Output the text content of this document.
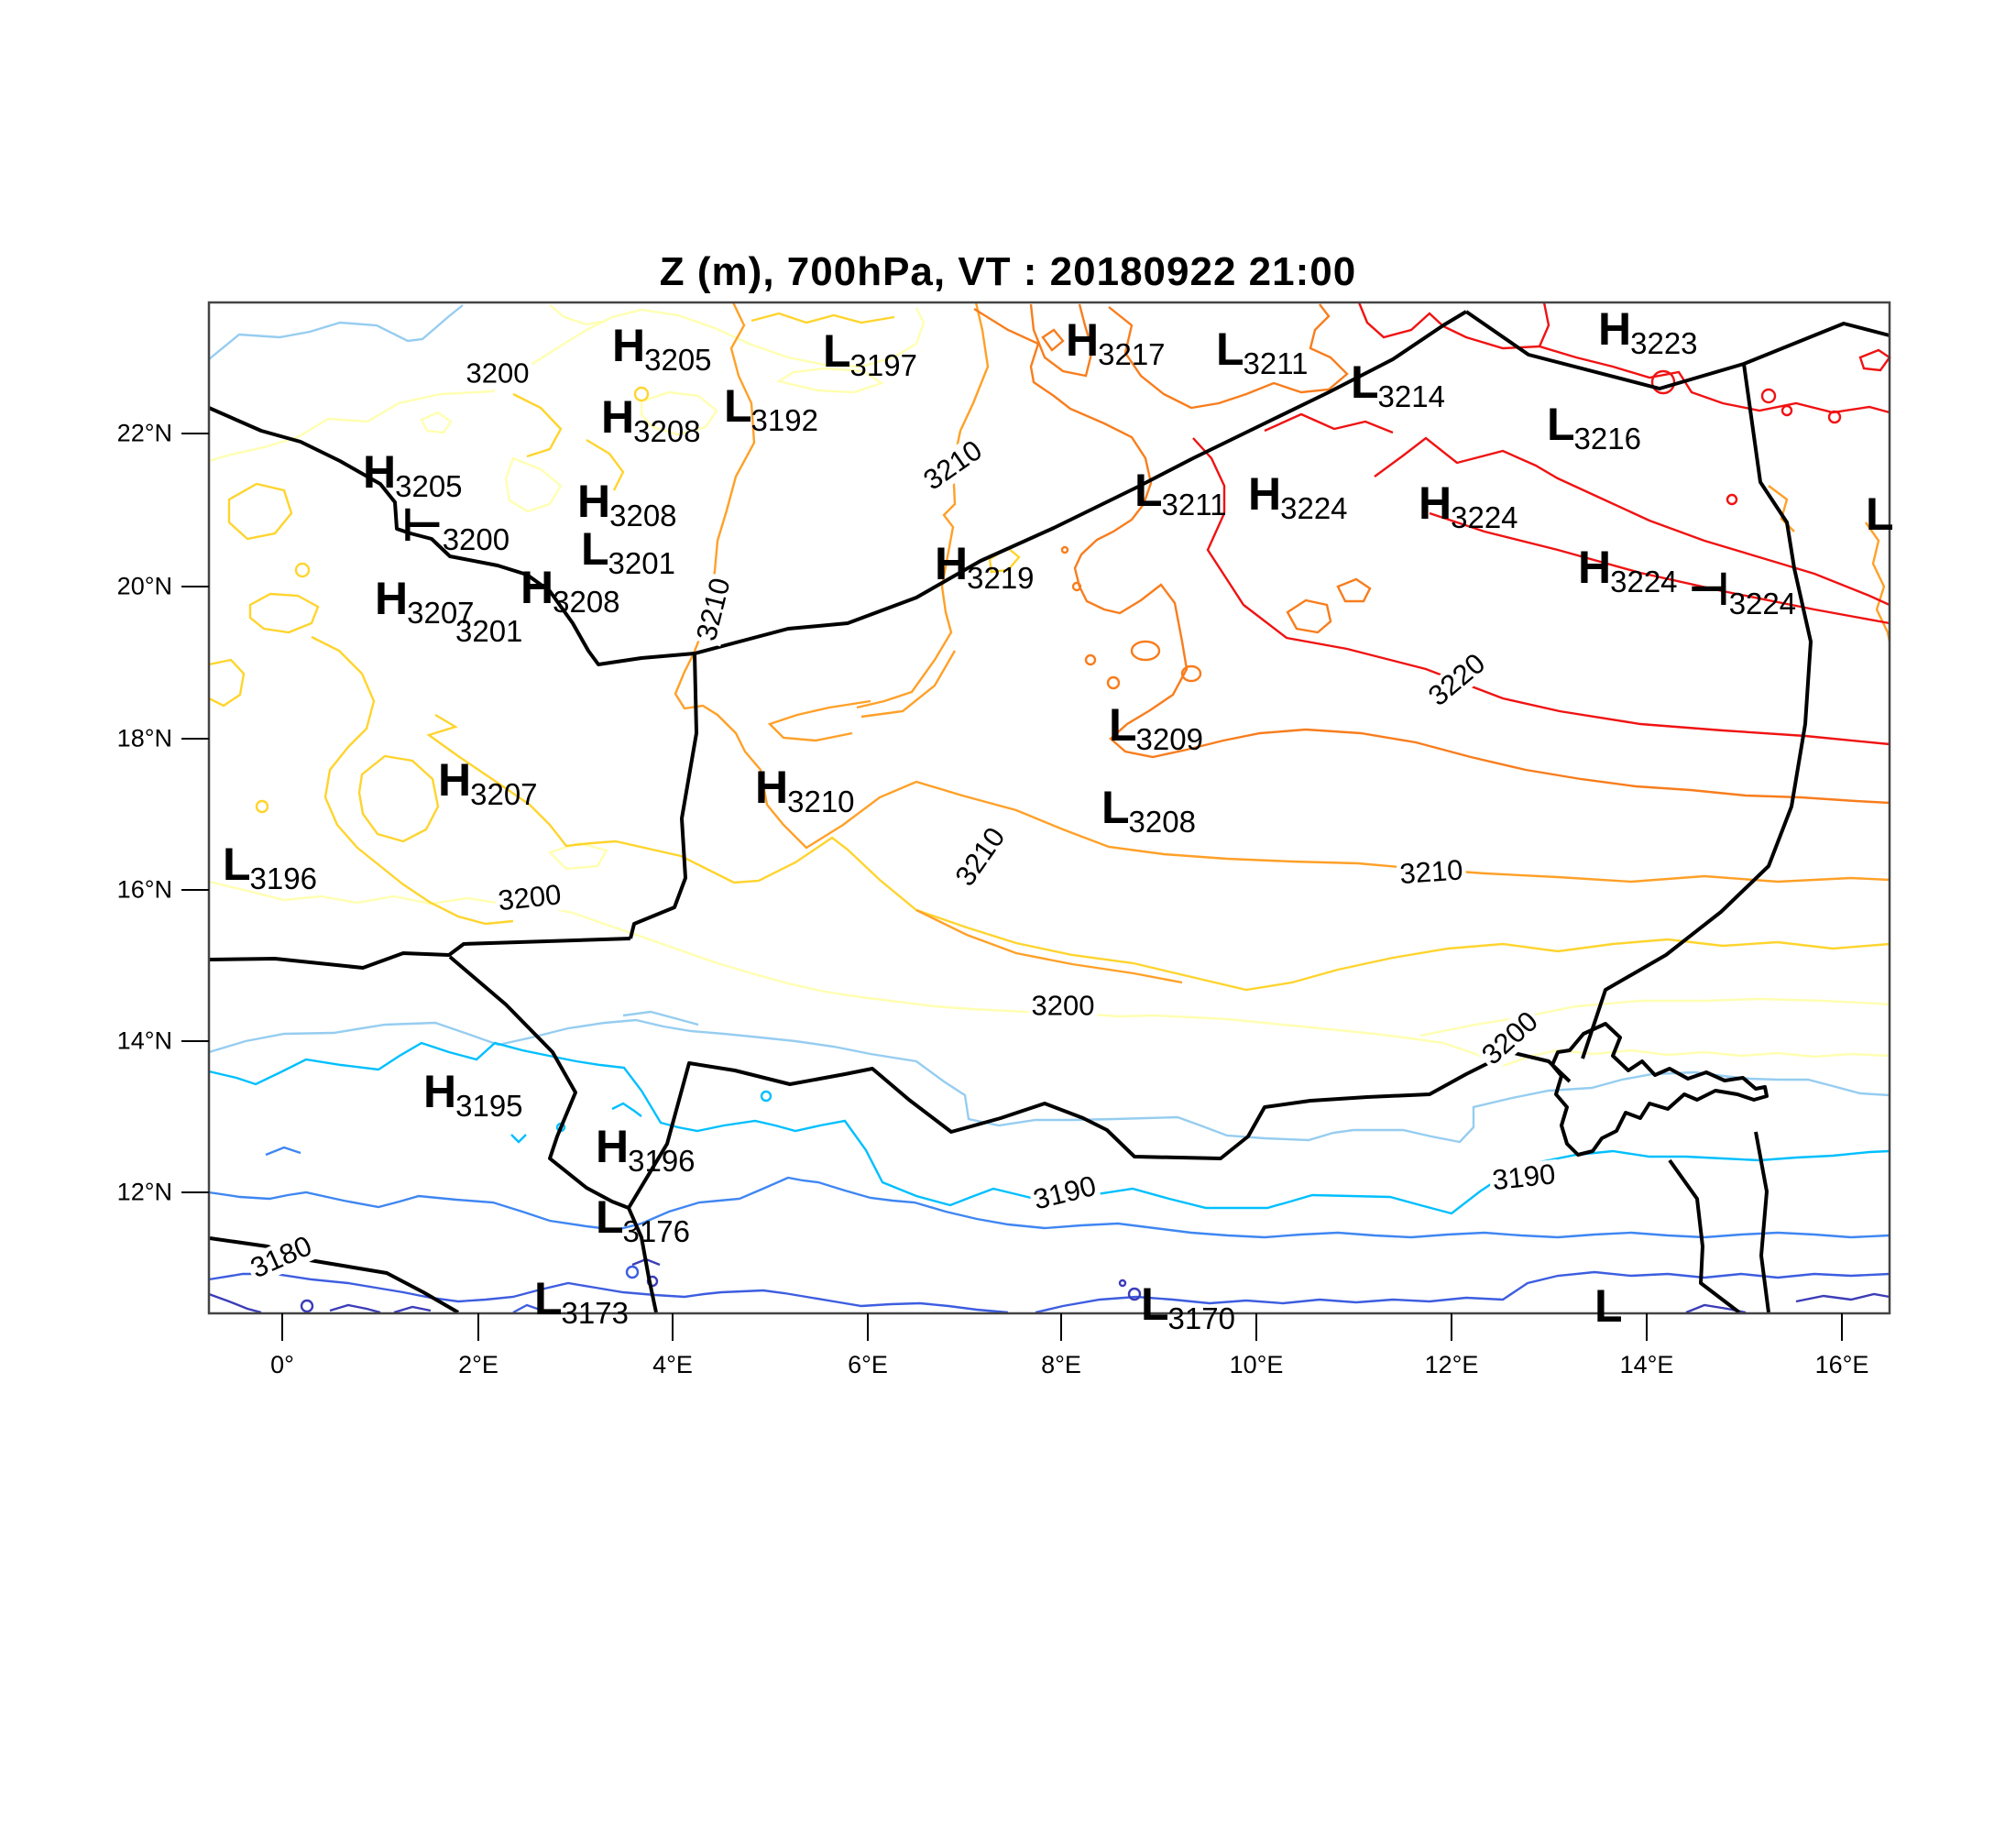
Z (m), 700hPa, VT : 20180922 21:00
0°	2°E	4°E	6°E	8°E	10°E	12°E	14°E	16°E
22°N
20°N
18°N
16°N
14°N
12°N
H3205 L3197	H3217 L3211 L3214
H3223
H3208 L3192	L3216
H3205	H3208	L3211 H3224 H3224
L3201
⊢3200
H3208
H3219	H3224 ⊣3224
H3207
3201
H3207	H3210
L3209
L3208
L3196
H3195
H3196
L3176
L3173	L3170
L
L
3200
3210
3210
3220
3210	3210
3200
3200	3200
3190	3190
3180
